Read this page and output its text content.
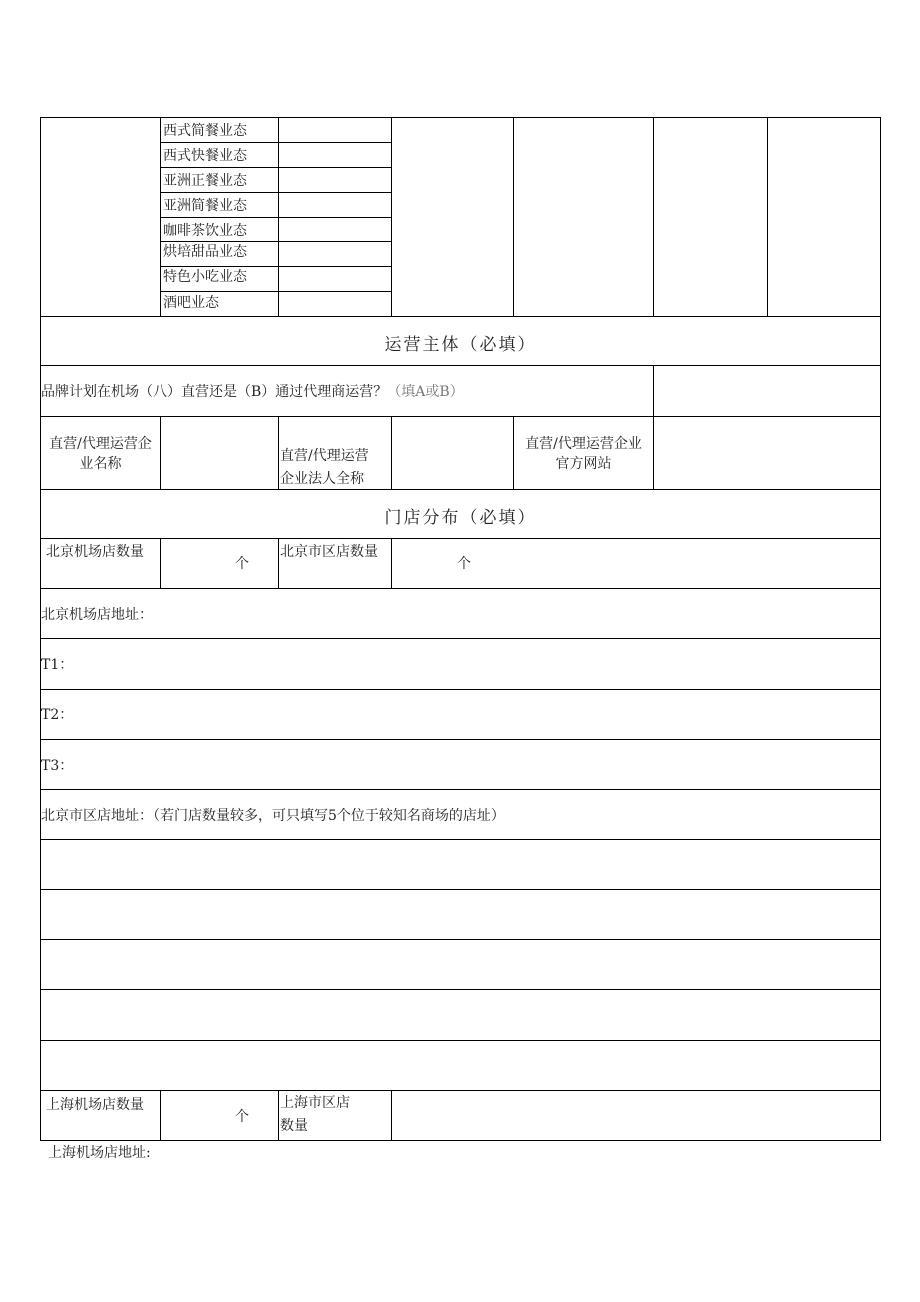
西式简餐业态
西式快餐业态
亚洲正餐业态
亚洲简餐业态
咖啡茶饮业态
烘培甜品业态
特色小吃业态
酒吧业态
运营主体（必填）
品牌计划在机场（八）直营还是（B）通过代理商运营？（填A或B）
直营/代理运营企
业名称	直营/代理运营
企业法人全称
直营/代理运营企业
官方网站
门店分布（必填）
北京机场店数量
个
北京市区店数量
个
北京机场店地址：
T1：
T2：
T3：
北京市区店地址：（若门店数量较多，可只填写5个位于较知名商场的店址）
上海机场店数量
个
上海市区店
数量
上海机场店地址:
